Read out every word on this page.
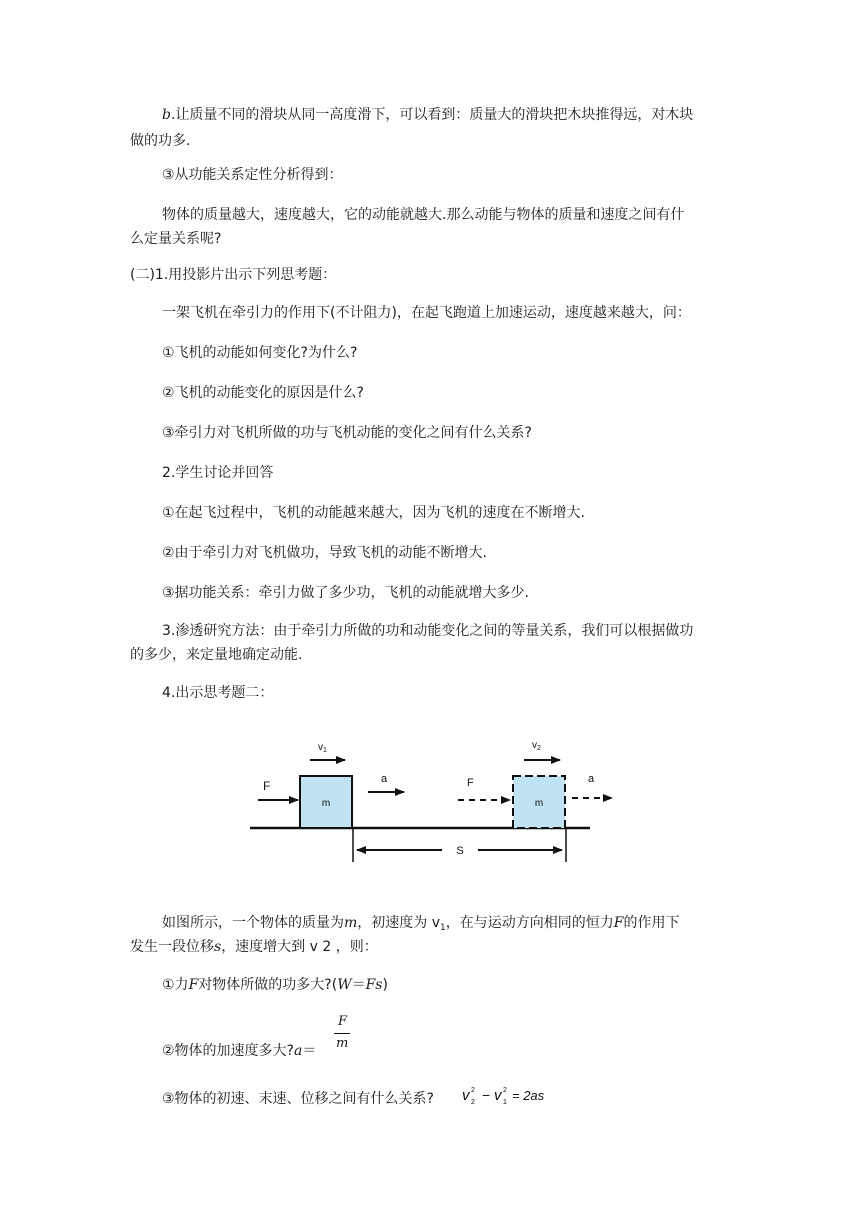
b.让质量不同的滑块从同一高度滑下，可以看到：质量大的滑块把木块推得远，对木块
做的功多.
③从功能关系定性分析得到：
物体的质量越大，速度越大，它的动能就越大.那么动能与物体的质量和速度之间有什
么定量关系呢?
(二)1.用投影片出示下列思考题：
一架飞机在牵引力的作用下(不计阻力)，在起飞跑道上加速运动，速度越来越大，问：
①飞机的动能如何变化?为什么?
②飞机的动能变化的原因是什么?
③牵引力对飞机所做的功与飞机动能的变化之间有什么关系?
2.学生讨论并回答
①在起飞过程中，飞机的动能越来越大，因为飞机的速度在不断增大.
②由于牵引力对飞机做功，导致飞机的动能不断增大.
③据功能关系：牵引力做了多少功，飞机的动能就增大多少.
3.渗透研究方法：由于牵引力所做的功和动能变化之间的等量关系，我们可以根据做功
的多少，来定量地确定动能.
4.出示思考题二：
m	m
$v_1$	$v_2$
F	a	F	a
S
如图所示，一个物体的质量为m，初速度为 $v_1$，在与运动方向相同的恒力F的作用下
发生一段位移s，速度增大到 v 2 ，则：
①力F对物体所做的功多大?(W＝Fs)
②物体的加速度多大?a＝
F
m
③物体的初速、末速、位移之间有什么关系? v 2
2 − v 2
1 = 2as
